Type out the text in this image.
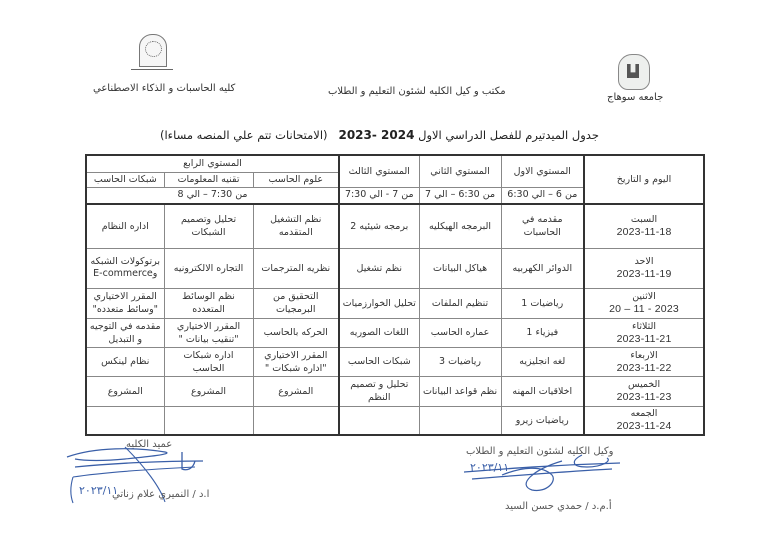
جامعه سوهاج
كليه الحاسبات و الذكاء الاصطناعي	مكتب و كيل الكليه لشئون التعليم و الطلاب
جدول الميدتيرم للفصل الدراسي الاول 2023- 2024   (الامتحانات تتم علي المنصه مساءا)
اليوم و التاريخ	المستوي الاول	المستوي الثاني	المستوي الثالث	المستوي الرابع		
				علوم الحاسب	تقنيه المعلومات	شبكات الحاسب
	من 6 – الي 6:30	من 6:30 – الي 7	من 7 - الي 7:30	من 7:30 – الي 8		

السبت
2023-11-18	مقدمه في الحاسبات	البرمجه الهيكليه	برمجه شيئيه 2	نظم التشغيل المتقدمه	تحليل وتصميم الشبكات	اداره النظام

الاحد
2023-11-19	الدوائر الكهربيه	هياكل البيانات	نظم تشغيل	نظريه المترجمات	التجاره الالكترونيه	برتوكولات الشبكه وE-commerce

الاثنين
2023 - 11 – 20	رياضيات 1	تنظيم الملفات	تحليل الخوارزميات	التحقيق من البرمجيات	نظم الوسائط المتعدده	المقرر الاختياري "وسائط متعدده"

الثلاثاء
2023-11-21	فيزياء 1	عماره الحاسب	اللغات الصوريه	الحركه بالحاسب	المقرر الاختياري "تنقيب بيانات "	مقدمه في التوجيه و التبديل

الاربعاء
2023-11-22	لغه انجليزيه	رياضيات 3	شبكات الحاسب	المقرر الاختياري "اداره شبكات "	اداره شبكات الحاسب	نظام لينكس

الخميس
2023-11-23	اخلاقيات المهنه	نظم قواعد البيانات	تحليل و تصميم النظم	المشروع	المشروع	المشروع

الجمعه
2023-11-24	رياضيات زيرو					
وكيل الكليه لشئون التعليم و الطلاب
٢٠٢٣/١١
أ.م.د / حمدي حسن السيد
عميد الكليه
٢٠٢٣/١١
ا.د / النميري علام زناتي
